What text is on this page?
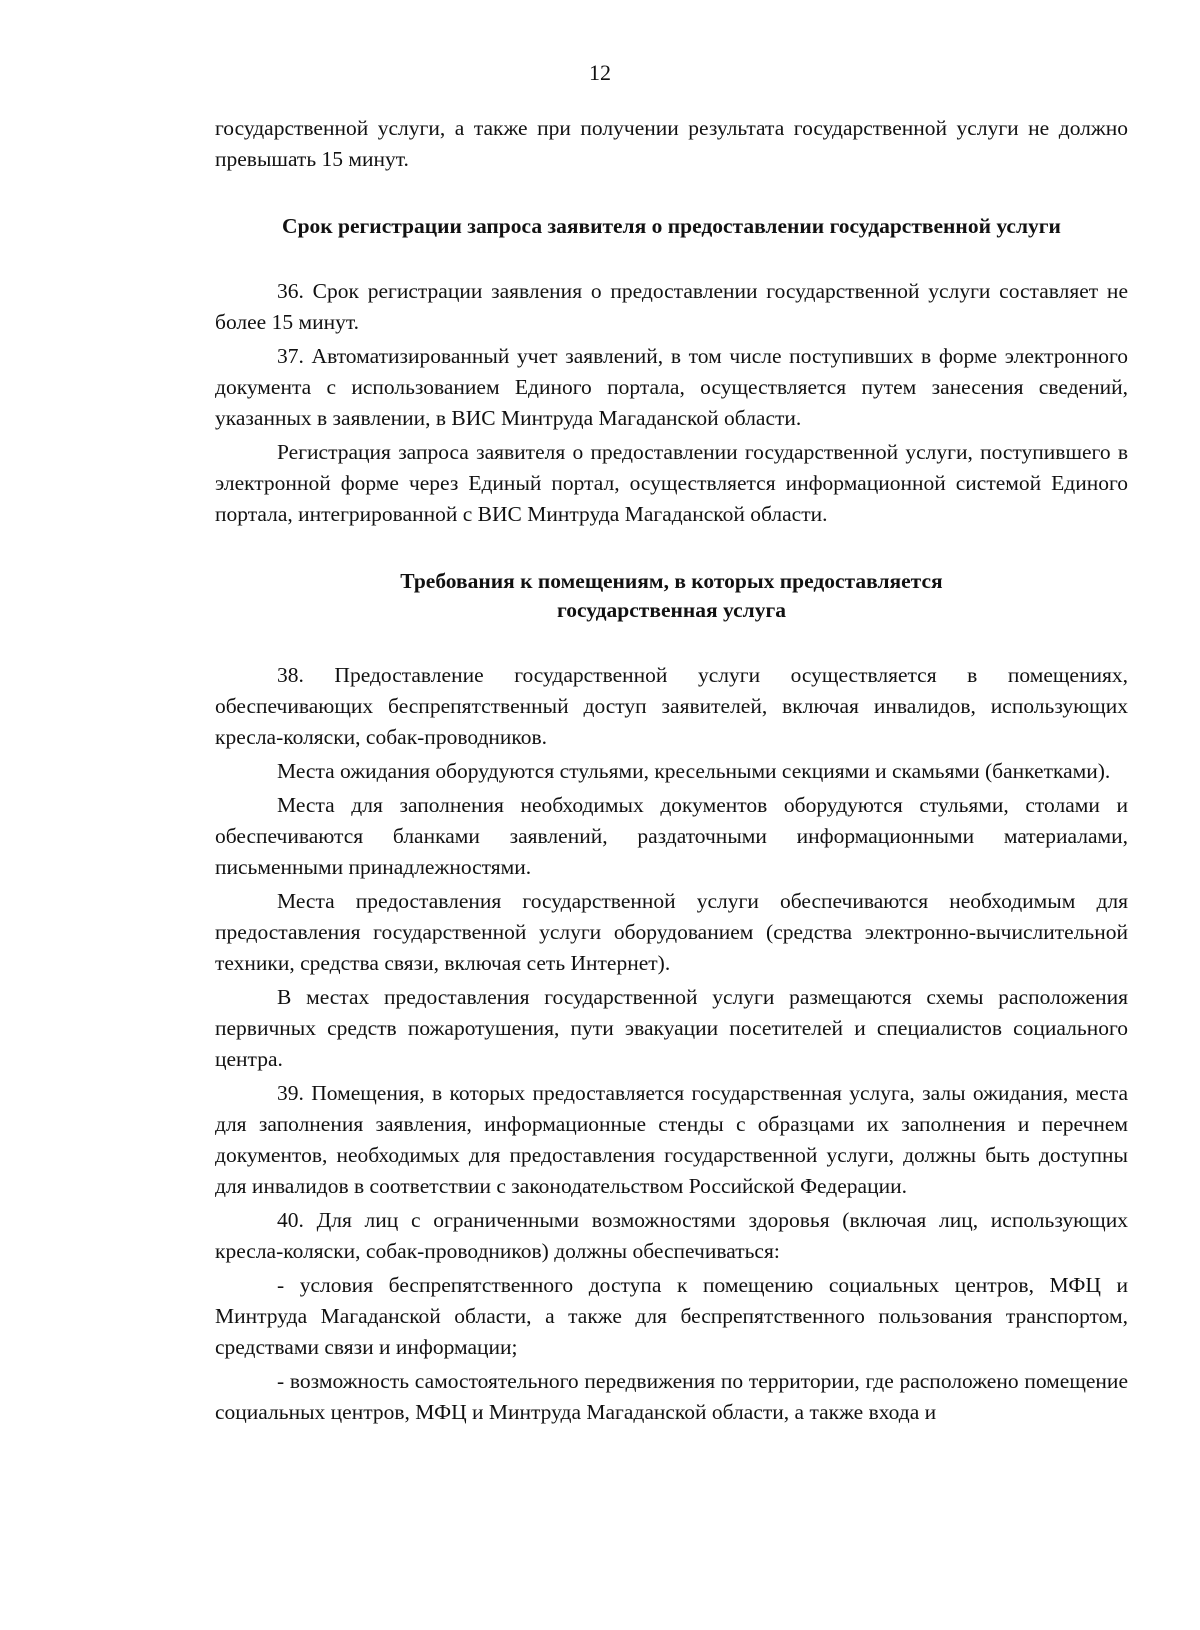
12

государственной услуги, а также при получении результата государственной услуги не должно превышать 15 минут.

Срок регистрации запроса заявителя о предоставлении государственной услуги

36. Срок регистрации заявления о предоставлении государственной услуги составляет не более 15 минут.

37. Автоматизированный учет заявлений, в том числе поступивших в форме электронного документа с использованием Единого портала, осуществляется путем занесения сведений, указанных в заявлении, в ВИС Минтруда Магаданской области.

Регистрация запроса заявителя о предоставлении государственной услуги, поступившего в электронной форме через Единый портал, осуществляется информационной системой Единого портала, интегрированной с ВИС Минтруда Магаданской области.

Требования к помещениям, в которых предоставляется
государственная услуга

38. Предоставление государственной услуги осуществляется в помещениях, обеспечивающих беспрепятственный доступ заявителей, включая инвалидов, использующих кресла-коляски, собак-проводников.

Места ожидания оборудуются стульями, кресельными секциями и скамьями (банкетками).

Места для заполнения необходимых документов оборудуются стульями, столами и обеспечиваются бланками заявлений, раздаточными информационными материалами, письменными принадлежностями.

Места предоставления государственной услуги обеспечиваются необходимым для предоставления государственной услуги оборудованием (средства электронно-вычислительной техники, средства связи, включая сеть Интернет).

В местах предоставления государственной услуги размещаются схемы расположения первичных средств пожаротушения, пути эвакуации посетителей и специалистов социального центра.

39. Помещения, в которых предоставляется государственная услуга, залы ожидания, места для заполнения заявления, информационные стенды с образцами их заполнения и перечнем документов, необходимых для предоставления государственной услуги, должны быть доступны для инвалидов в соответствии с законодательством Российской Федерации.

40. Для лиц с ограниченными возможностями здоровья (включая лиц, использующих кресла-коляски, собак-проводников) должны обеспечиваться:

- условия беспрепятственного доступа к помещению социальных центров, МФЦ и Минтруда Магаданской области, а также для беспрепятственного пользования транспортом, средствами связи и информации;

- возможность самостоятельного передвижения по территории, где расположено помещение социальных центров, МФЦ и Минтруда Магаданской области, а также входа и
